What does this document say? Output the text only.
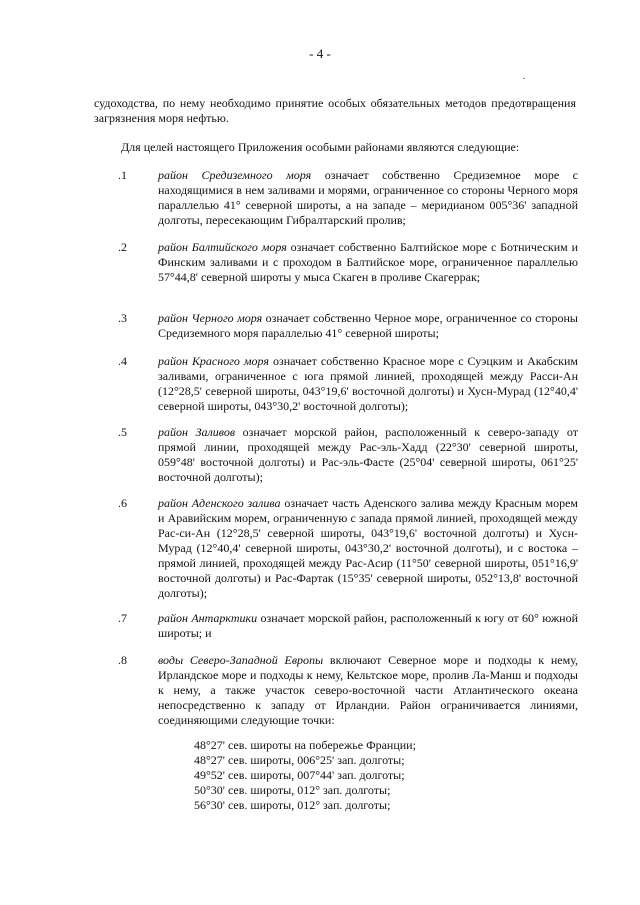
- 4 -
судоходства, по нему необходимо принятие особых обязательных методов предотвращения загрязнения моря нефтью.
Для целей настоящего Приложения особыми районами являются следующие:
.1	район Средиземного моря означает собственно Средиземное море с находящимися в нем заливами и морями, ограниченное со стороны Черного моря параллелью 41° северной широты, а на западе – меридианом 005°36' западной долготы, пересекающим Гибралтарский пролив;
.2	район Балтийского моря означает собственно Балтийское море с Ботническим и Финским заливами и с проходом в Балтийское море, ограниченное параллелью 57°44,8' северной широты у мыса Скаген в проливе Скагеррак;
.3	район Черного моря означает собственно Черное море, ограниченное со стороны Средиземного моря параллелью 41° северной широты;
.4	район Красного моря означает собственно Красное море с Суэцким и Акабским заливами, ограниченное с юга прямой линией, проходящей между Расси-Ан (12°28,5' северной широты, 043°19,6' восточной долготы) и Хусн-Мурад (12°40,4' северной широты, 043°30,2' восточной долготы);
.5	район Заливов означает морской район, расположенный к северо-западу от прямой линии, проходящей между Рас-эль-Хадд (22°30' северной широты, 059°48' восточной долготы) и Рас-эль-Фасте (25°04' северной широты, 061°25' восточной долготы);
.6	район Аденского залива означает часть Аденского залива между Красным морем и Аравийским морем, ограниченную с запада прямой линией, проходящей между Рас-си-Ан (12°28,5' северной широты, 043°19,6' восточной долготы) и Хусн-Мурад (12°40,4' северной широты, 043°30,2' восточной долготы), и с востока – прямой линией, проходящей между Рас-Асир (11°50' северной широты, 051°16,9' восточной долготы) и Рас-Фартак (15°35' северной широты, 052°13,8' восточной долготы);
.7	район Антарктики означает морской район, расположенный к югу от 60° южной широты; и
.8	воды Северо-Западной Европы включают Северное море и подходы к нему, Ирландское море и подходы к нему, Кельтское море, пролив Ла-Манш и подходы к нему, а также участок северо-восточной части Атлантического океана непосредственно к западу от Ирландии. Район ограничивается линиями, соединяющими следующие точки:
48°27' сев. широты на побережье Франции;
48°27' сев. широты, 006°25' зап. долготы;
49°52' сев. широты, 007°44' зап. долготы;
50°30' сев. широты, 012° зап. долготы;
56°30' сев. широты, 012° зап. долготы;
